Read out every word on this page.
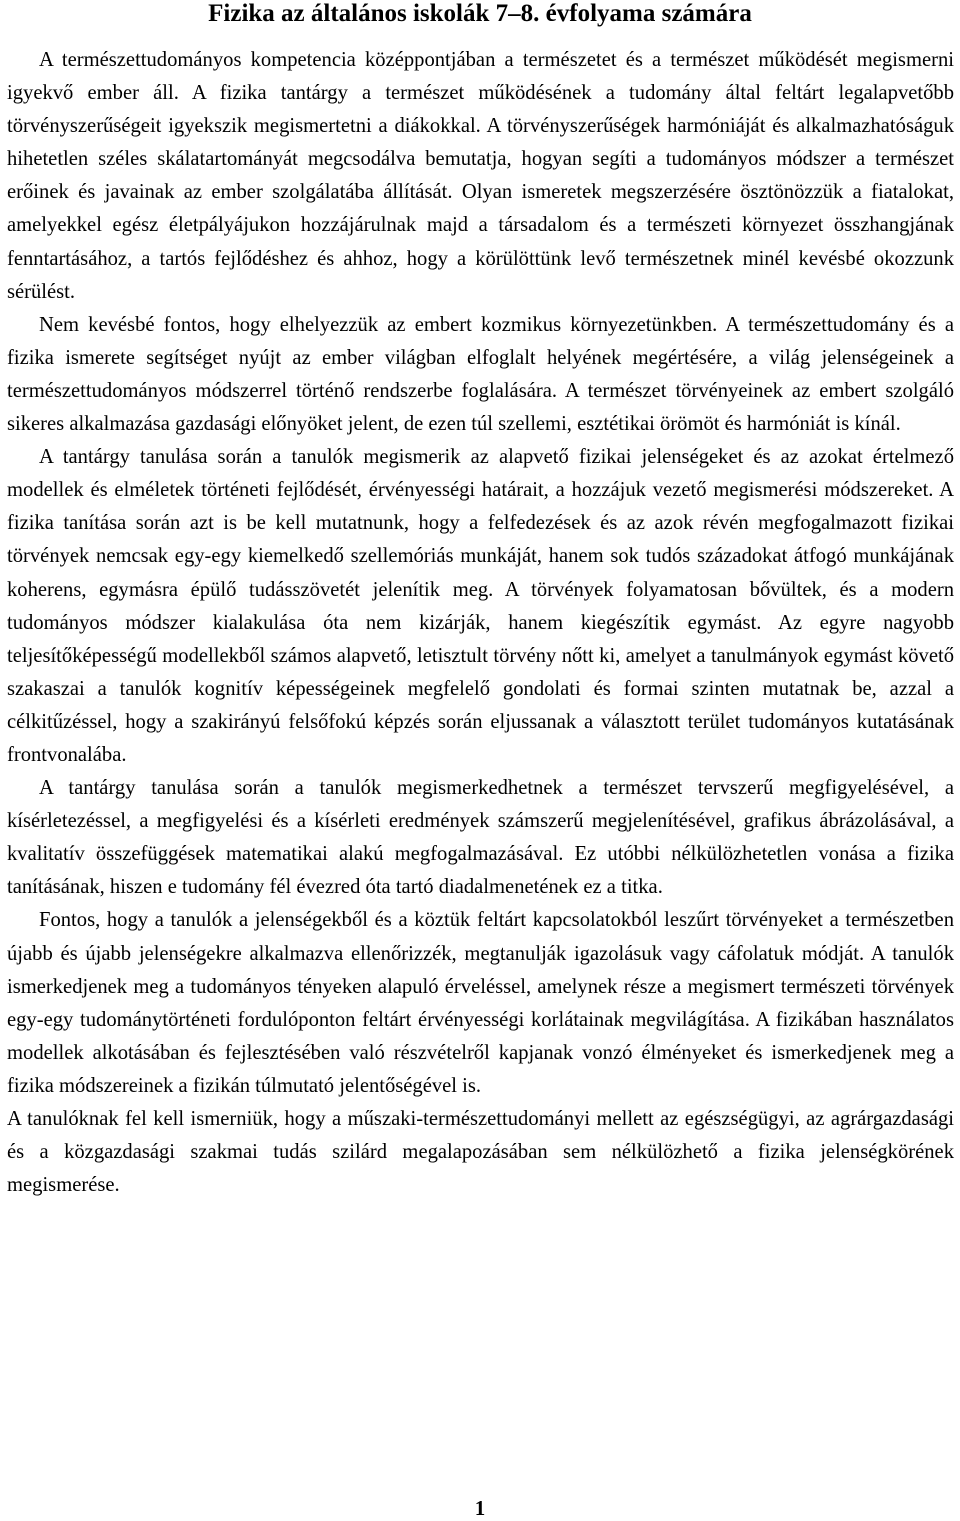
Fizika az általános iskolák 7–8. évfolyama számára

A természettudományos kompetencia középpontjában a természetet és a természet működését megismerni igyekvő ember áll. A fizika tantárgy a természet működésének a tudomány által feltárt legalapvetőbb törvényszerűségeit igyekszik megismertetni a diákokkal. A törvényszerűségek harmóniáját és alkalmazhatóságuk hihetetlen széles skálatartományát megcsodálva bemutatja, hogyan segíti a tudományos módszer a természet erőinek és javainak az ember szolgálatába állítását. Olyan ismeretek megszerzésére ösztönözzük a fiatalokat, amelyekkel egész életpályájukon hozzájárulnak majd a társadalom és a természeti környezet összhangjának fenntartásához, a tartós fejlődéshez és ahhoz, hogy a körülöttünk levő természetnek minél kevésbé okozzunk sérülést.

Nem kevésbé fontos, hogy elhelyezzük az embert kozmikus környezetünkben. A természettudomány és a fizika ismerete segítséget nyújt az ember világban elfoglalt helyének megértésére, a világ jelenségeinek a természettudományos módszerrel történő rendszerbe foglalására. A természet törvényeinek az embert szolgáló sikeres alkalmazása gazdasági előnyöket jelent, de ezen túl szellemi, esztétikai örömöt és harmóniát is kínál.

A tantárgy tanulása során a tanulók megismerik az alapvető fizikai jelenségeket és az azokat értelmező modellek és elméletek történeti fejlődését, érvényességi határait, a hozzájuk vezető megismerési módszereket. A fizika tanítása során azt is be kell mutatnunk, hogy a felfedezések és az azok révén megfogalmazott fizikai törvények nemcsak egy-egy kiemelkedő szellemóriás munkáját, hanem sok tudós századokat átfogó munkájának koherens, egymásra épülő tudásszövetét jelenítik meg. A törvények folyamatosan bővültek, és a modern tudományos módszer kialakulása óta nem kizárják, hanem kiegészítik egymást. Az egyre nagyobb teljesítőképességű modellekből számos alapvető, letisztult törvény nőtt ki, amelyet a tanulmányok egymást követő szakaszai a tanulók kognitív képességeinek megfelelő gondolati és formai szinten mutatnak be, azzal a célkitűzéssel, hogy a szakirányú felsőfokú képzés során eljussanak a választott terület tudományos kutatásának frontvonalába.

A tantárgy tanulása során a tanulók megismerkedhetnek a természet tervszerű megfigyelésével, a kísérletezéssel, a megfigyelési és a kísérleti eredmények számszerű megjelenítésével, grafikus ábrázolásával, a kvalitatív összefüggések matematikai alakú megfogalmazásával. Ez utóbbi nélkülözhetetlen vonása a fizika tanításának, hiszen e tudomány fél évezred óta tartó diadalmenetének ez a titka.

Fontos, hogy a tanulók a jelenségekből és a köztük feltárt kapcsolatokból leszűrt törvényeket a természetben újabb és újabb jelenségekre alkalmazva ellenőrizzék, megtanulják igazolásuk vagy cáfolatuk módját. A tanulók ismerkedjenek meg a tudományos tényeken alapuló érveléssel, amelynek része a megismert természeti törvények egy-egy tudománytörténeti fordulóponton feltárt érvényességi korlátainak megvilágítása. A fizikában használatos modellek alkotásában és fejlesztésében való részvételről kapjanak vonzó élményeket és ismerkedjenek meg a fizika módszereinek a fizikán túlmutató jelentőségével is.

A tanulóknak fel kell ismerniük, hogy a műszaki-természettudományi mellett az egészségügyi, az agrárgazdasági és a közgazdasági szakmai tudás szilárd megalapozásában sem nélkülözhető a fizika jelenségkörének megismerése.

1
